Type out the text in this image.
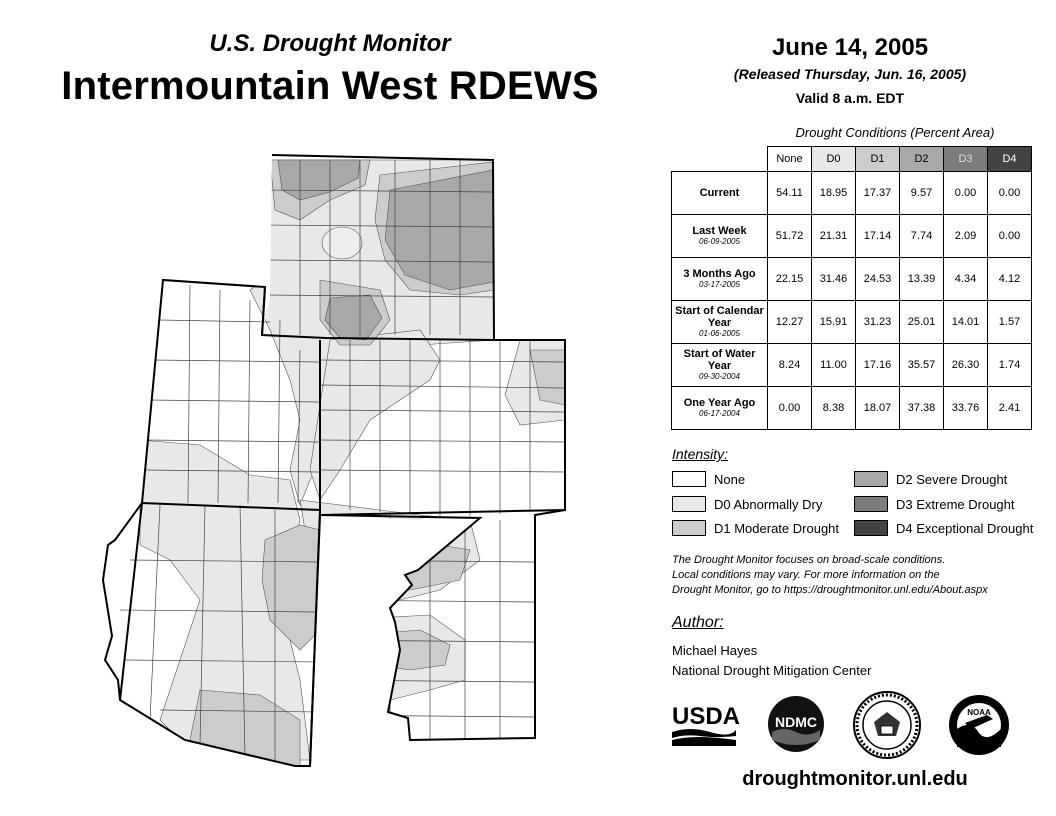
U.S. Drought Monitor
Intermountain West RDEWS
June 14, 2005
(Released Thursday, Jun. 16, 2005)
Valid 8 a.m. EDT
Drought Conditions (Percent Area)
	None	D0	D1	D2	D3	D4
Current	54.11	18.95	17.37	9.57	0.00	0.00
Last Week
06-09-2005	51.72	21.31	17.14	7.74	2.09	0.00
3 Months Ago
03-17-2005	22.15	31.46	24.53	13.39	4.34	4.12
Start of Calendar Year
01-06-2005	12.27	15.91	31.23	25.01	14.01	1.57
Start of Water Year
09-30-2004	8.24	11.00	17.16	35.57	26.30	1.74
One Year Ago
06-17-2004	0.00	8.38	18.07	37.38	33.76	2.41
Intensity:
None
D0 Abnormally Dry
D1 Moderate Drought
D2 Severe Drought
D3 Extreme Drought
D4 Exceptional Drought
The Drought Monitor focuses on broad-scale conditions.
Local conditions may vary. For more information on the
Drought Monitor, go to https://droughtmonitor.unl.edu/About.aspx
Author:
Michael Hayes
National Drought Mitigation Center
USDA NDMC
NOAA
droughtmonitor.unl.edu
